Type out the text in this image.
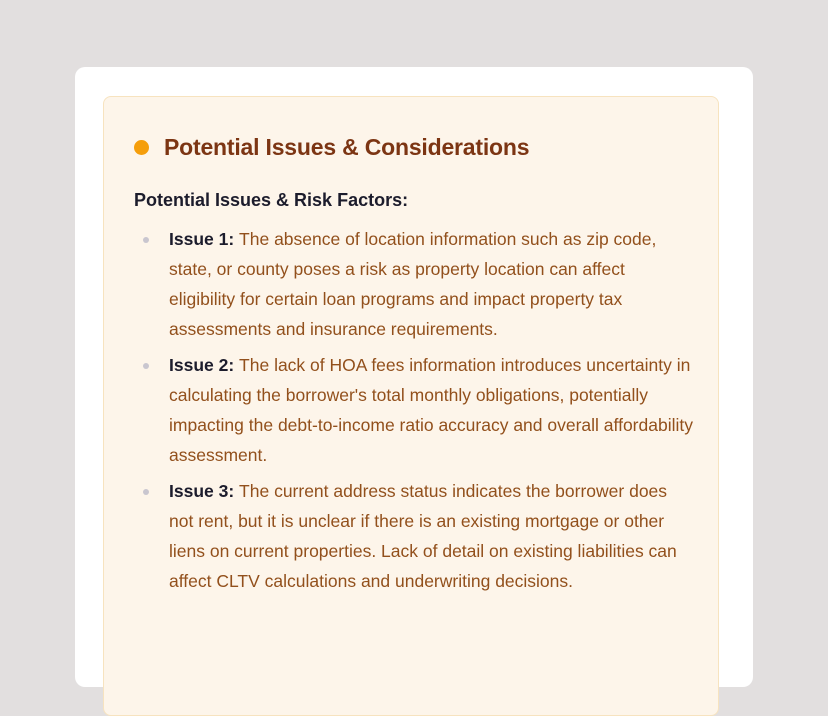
Potential Issues & Considerations
Potential Issues & Risk Factors:
Issue 1: The absence of location information such as zip code, state, or county poses a risk as property location can affect eligibility for certain loan programs and impact property tax assessments and insurance requirements.
Issue 2: The lack of HOA fees information introduces uncertainty in calculating the borrower's total monthly obligations, potentially impacting the debt-to-income ratio accuracy and overall affordability assessment.
Issue 3: The current address status indicates the borrower does not rent, but it is unclear if there is an existing mortgage or other liens on current properties. Lack of detail on existing liabilities can affect CLTV calculations and underwriting decisions.
